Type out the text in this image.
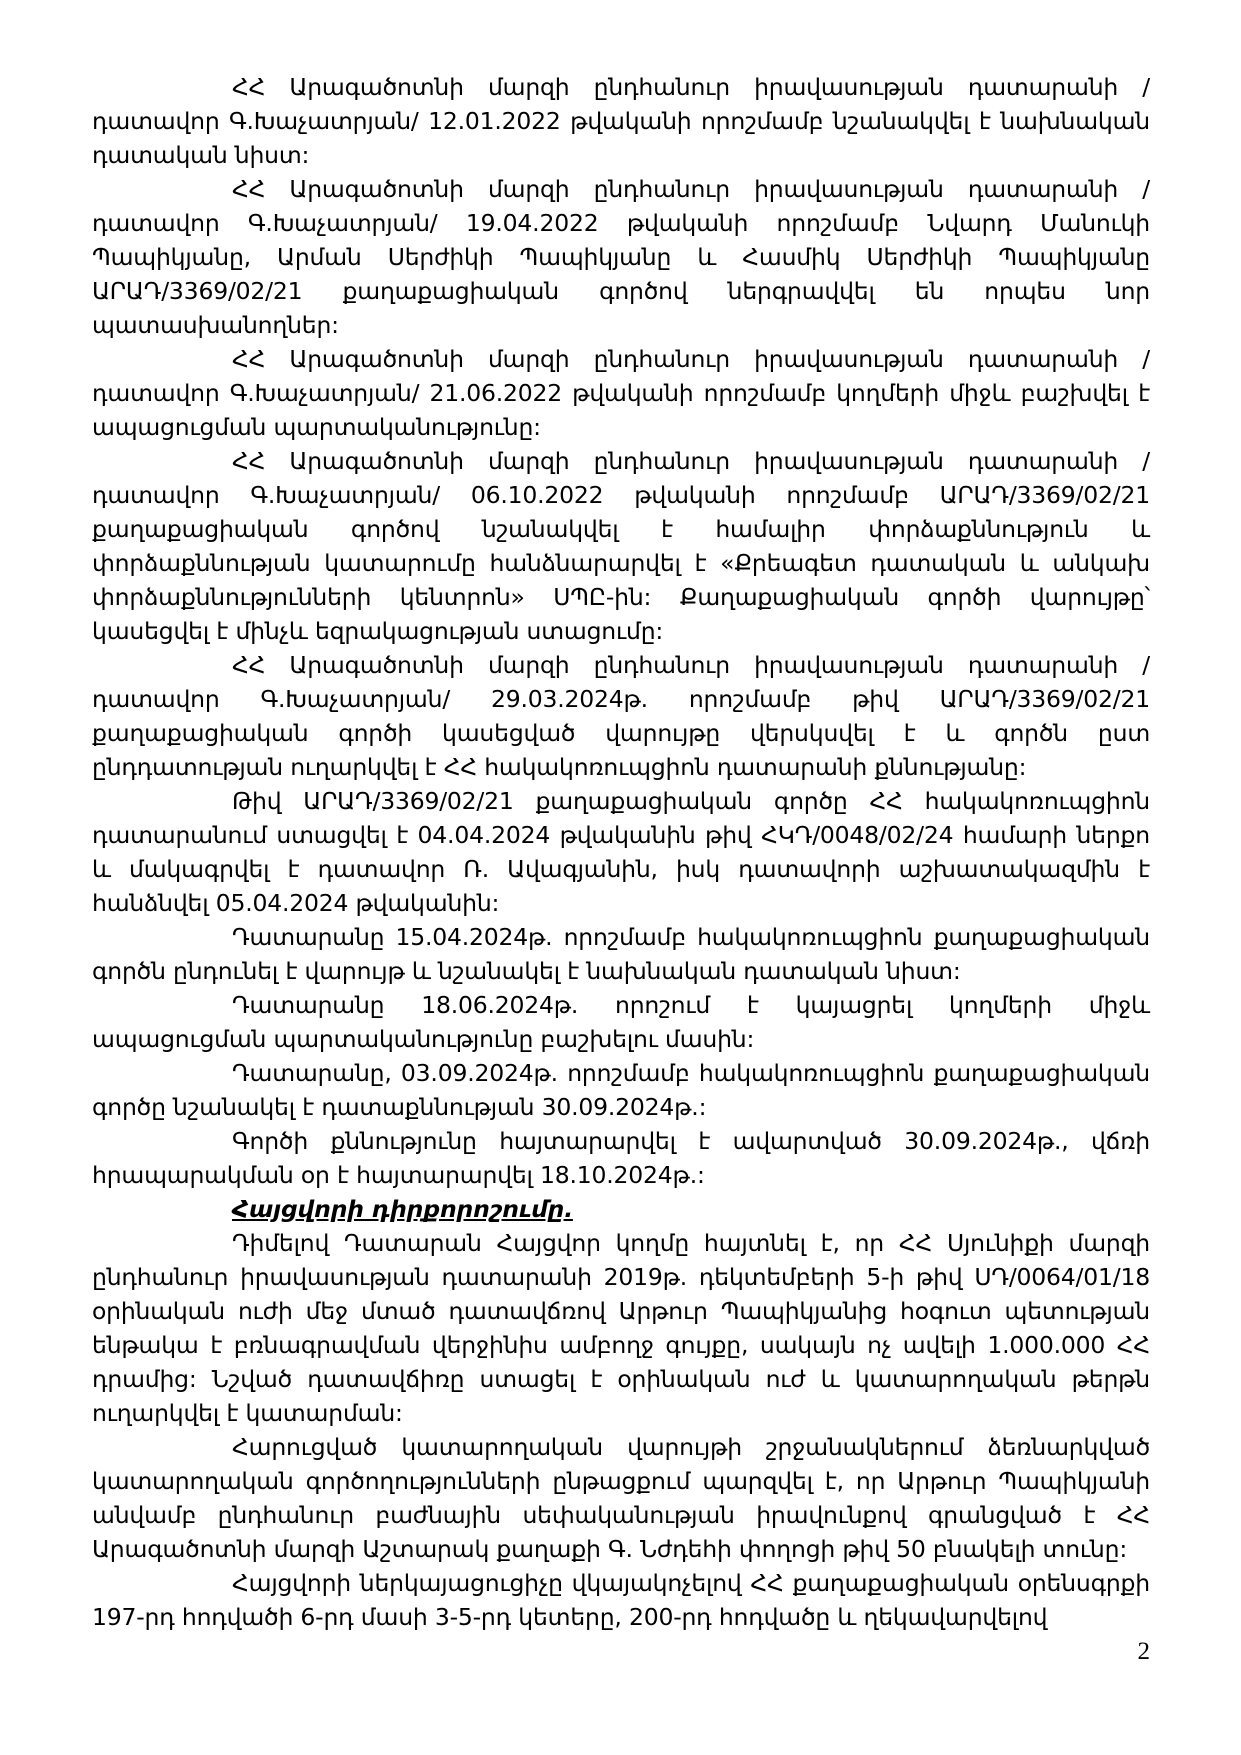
ՀՀ Արագածոտնի մարզի ընդհանուր իրավասության դատարանի /դատավոր Գ.Խաչատրյան/ 12.01.2022 թվականի որոշմամբ նշանակվել է նախնական դատական նիստ:

ՀՀ Արագածոտնի մարզի ընդհանուր իրավասության դատարանի /դատավոր Գ.Խաչատրյան/ 19.04.2022 թվականի որոշմամբ Նվարդ Մանուկի Պապիկյանը, Արման Սերժիկի Պապիկյանը և Հասմիկ Սերժիկի Պապիկյանը ԱՐԱԴ/3369/02/21 քաղաքացիական գործով ներգրավվել են որպես նոր պատասխանողներ:

ՀՀ Արագածոտնի մարզի ընդհանուր իրավասության դատարանի /դատավոր Գ.Խաչատրյան/ 21.06.2022 թվականի որոշմամբ կողմերի միջև բաշխվել է ապացուցման պարտականությունը:

ՀՀ Արագածոտնի մարզի ընդհանուր իրավասության դատարանի /դատավոր Գ.Խաչատրյան/ 06.10.2022 թվականի որոշմամբ ԱՐԱԴ/3369/02/21 քաղաքացիական գործով նշանակվել է համալիր փորձաքննություն և փորձաքննության կատարումը հանձնարարվել է «Քրեագետ դատական և անկախ փորձաքննությունների կենտրոն» ՍՊԸ-ին: Քաղաքացիական գործի վարույթը՝ կասեցվել է մինչև եզրակացության ստացումը:

ՀՀ Արագածոտնի մարզի ընդհանուր իրավասության դատարանի /դատավոր Գ.Խաչատրյան/ 29.03.2024թ. որոշմամբ թիվ ԱՐԱԴ/3369/02/21 քաղաքացիական գործի կասեցված վարույթը վերսկսվել է և գործն ըստ ընդդատության ուղարկվել է ՀՀ հակակոռուպցիոն դատարանի քննությանը:

Թիվ ԱՐԱԴ/3369/02/21 քաղաքացիական գործը ՀՀ հակակոռուպցիոն դատարանում ստացվել է 04.04.2024 թվականին թիվ ՀԿԴ/0048/02/24 համարի ներքո և մակագրվել է դատավոր Ռ. Ավագյանին, իսկ դատավորի աշխատակազմին է հանձնվել 05.04.2024 թվականին:

Դատարանը 15.04.2024թ. որոշմամբ հակակոռուպցիոն քաղաքացիական գործն ընդունել է վարույթ և նշանակել է նախնական դատական նիստ:

Դատարանը 18.06.2024թ. որոշում է կայացրել կողմերի միջև ապացուցման պարտականությունը բաշխելու մասին:

Դատարանը, 03.09.2024թ. որոշմամբ հակակոռուպցիոն քաղաքացիական գործը նշանակել է դատաքննության 30.09.2024թ.:

Գործի քննությունը հայտարարվել է ավարտված 30.09.2024թ., վճռի հրապարակման օր է հայտարարվել 18.10.2024թ.:

Հայցվորի դիրքորոշումը.

Դիմելով Դատարան Հայցվոր կողմը հայտնել է, որ ՀՀ Սյունիքի մարզի ընդհանուր իրավասության դատարանի 2019թ. դեկտեմբերի 5-ի թիվ ՍԴ/0064/01/18 օրինական ուժի մեջ մտած դատավճռով Արթուր Պապիկյանից հօգուտ պետության ենթակա է բռնագրավման վերջինիս ամբողջ գույքը, սակայն ոչ ավելի 1.000.000 ՀՀ դրամից: Նշված դատավճիռը ստացել է օրինական ուժ և կատարողական թերթն ուղարկվել է կատարման:

Հարուցված կատարողական վարույթի շրջանակներում ձեռնարկված կատարողական գործողությունների ընթացքում պարզվել է, որ Արթուր Պապիկյանի անվամբ ընդհանուր բաժնային սեփականության իրավունքով գրանցված է ՀՀ Արագածոտնի մարզի Աշտարակ քաղաքի Գ. Նժդեհի փողոցի թիվ 50 բնակելի տունը:

Հայցվորի ներկայացուցիչը վկայակոչելով ՀՀ քաղաքացիական օրենսգրքի 197-րդ հոդվածի 6-րդ մասի 3-5-րդ կետերը, 200-րդ հոդվածը և ղեկավարվելով

2
